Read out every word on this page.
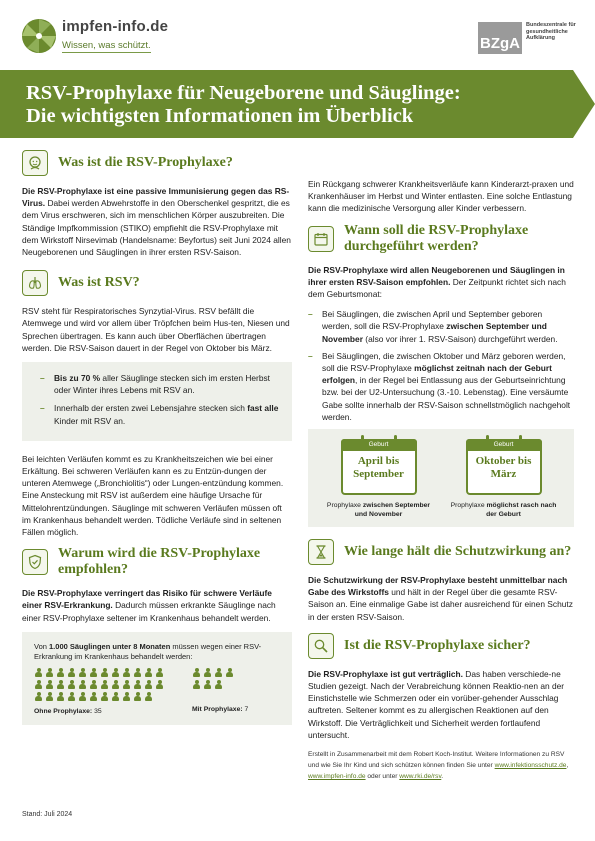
impfen-info.de
Wissen, was schützt.	BZgA
Bundeszentrale für gesundheitliche Aufklärung
RSV-Prophylaxe für Neugeborene und Säuglinge:
Die wichtigsten Informationen im Überblick
Was ist die RSV-Prophylaxe?
Die RSV-Prophylaxe ist eine passive Immunisierung gegen das RS-Virus. Dabei werden Abwehrstoffe in den Oberschenkel gespritzt, die es dem Virus erschweren, sich im menschlichen Körper auszubreiten. Die Ständige Impfkommission (STIKO) empfiehlt die RSV-Prophylaxe mit dem Wirkstoff Nirsevimab (Handelsname: Beyfortus) seit Juni 2024 allen Neugeborenen und Säuglingen in ihrer ersten RSV-Saison.
Was ist RSV?
RSV steht für Respiratorisches Synzytial-Virus. RSV befällt die Atemwege und wird vor allem über Tröpfchen beim Hus-ten, Niesen und Sprechen übertragen. Es kann auch über Oberflächen übertragen werden. Die RSV-Saison dauert in der Regel von Oktober bis März.
–	Bis zu 70 % aller Säuglinge stecken sich im ersten Herbst oder Winter ihres Lebens mit RSV an.
–	Innerhalb der ersten zwei Lebensjahre stecken sich fast alle Kinder mit RSV an.
Bei leichten Verläufen kommt es zu Krankheitszeichen wie bei einer Erkältung. Bei schweren Verläufen kann es zu Entzün-dungen der unteren Atemwege („Bronchiolitis“) oder Lungen-entzündung kommen. Eine Ansteckung mit RSV ist außerdem eine häufige Ursache für Mittelohrentzündungen. Säuglinge mit schweren Verläufen müssen oft im Krankenhaus behandelt werden. Tödliche Verläufe sind in seltenen Fällen möglich.
Warum wird die RSV-Prophylaxe
empfohlen?
Die RSV-Prophylaxe verringert das Risiko für schwere Verläufe einer RSV-Erkrankung. Dadurch müssen erkrankte Säuglinge nach einer RSV-Prophylaxe seltener im Krankenhaus behandelt werden.
Von 1.000 Säuglingen unter 8 Monaten müssen wegen einer RSV-Erkrankung im Krankenhaus behandelt werden:
Ohne Prophylaxe: 35	Mit Prophylaxe: 7
Stand: Juli 2024
Ein Rückgang schwerer Krankheitsverläufe kann Kinderarzt-praxen und Krankenhäuser im Herbst und Winter entlasten. Eine solche Entlastung kann die medizinische Versorgung aller Kinder verbessern.
Wann soll die RSV-Prophylaxe
durchgeführt werden?
Die RSV-Prophylaxe wird allen Neugeborenen und Säuglingen in ihrer ersten RSV-Saison empfohlen. Der Zeitpunkt richtet sich nach dem Geburtsmonat:
–	Bei Säuglingen, die zwischen April und September geboren werden, soll die RSV-Prophylaxe zwischen September und November (also vor ihrer 1. RSV-Saison) durchgeführt werden.
–	Bei Säuglingen, die zwischen Oktober und März geboren werden, soll die RSV-Prophylaxe möglichst zeitnah nach der Geburt erfolgen, in der Regel bei Entlassung aus der Geburtseinrichtung bzw. bei der U2-Untersuchung (3.-10. Lebenstag). Eine versäumte Gabe sollte innerhalb der RSV-Saison schnellstmöglich nachgeholt werden.
Geburt
April bis September
Prophylaxe zwischen September und November
Geburt
Oktober bis März
Prophylaxe möglichst rasch nach der Geburt
Wie lange hält die Schutzwirkung an?
Die Schutzwirkung der RSV-Prophylaxe besteht unmittelbar nach Gabe des Wirkstoffs und hält in der Regel über die gesamte RSV-Saison an. Eine einmalige Gabe ist daher ausreichend für einen Schutz in der ersten RSV-Saison.
Ist die RSV-Prophylaxe sicher?
Die RSV-Prophylaxe ist gut verträglich. Das haben verschiede-ne Studien gezeigt. Nach der Verabreichung können Reaktio-nen an der Einstichstelle wie Schmerzen oder ein vorüber-gehender Ausschlag auftreten. Seltener kommt es zu allergischen Reaktionen auf den Wirkstoff. Die Verträglichkeit und Sicherheit werden fortlaufend untersucht.
Erstellt in Zusammenarbeit mit dem Robert Koch-Institut. Weitere Informationen zu RSV und wie Sie Ihr Kind und sich schützen können finden Sie unter www.infektionsschutz.de, www.impfen-info.de oder unter www.rki.de/rsv.
